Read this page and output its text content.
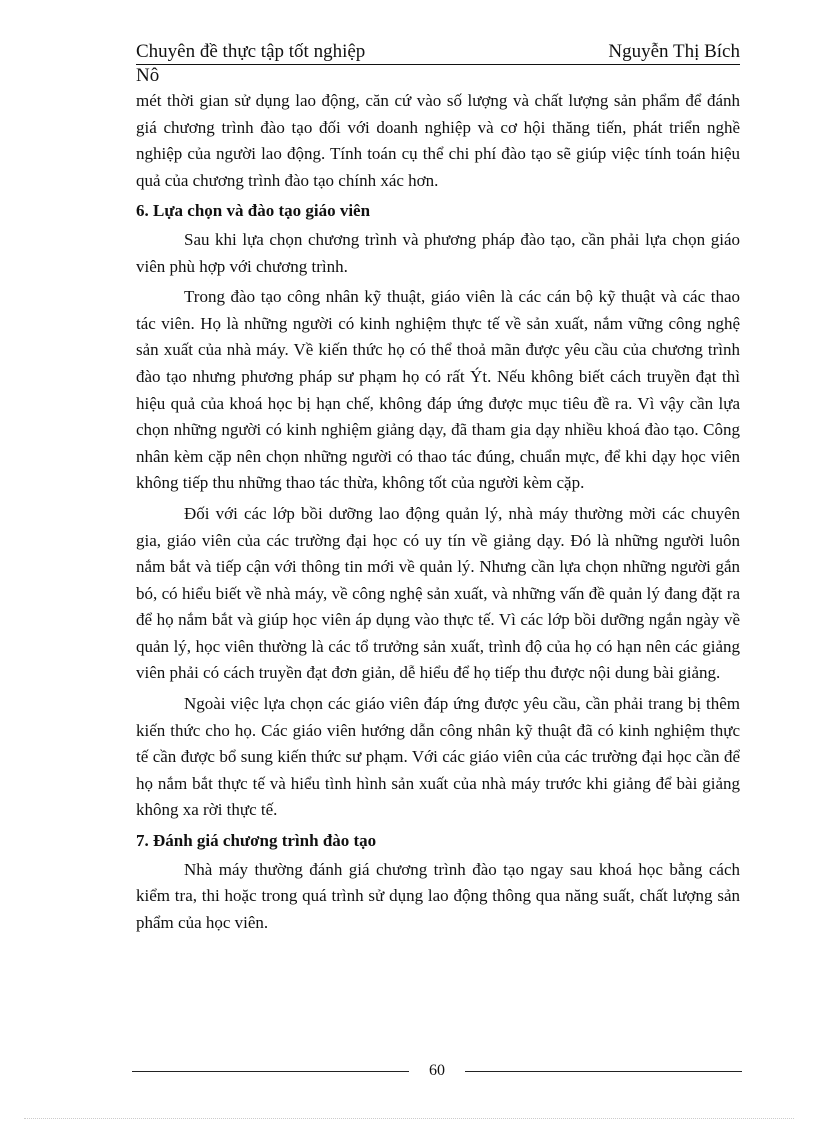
Chuyên đề thực tập tốt nghiệp	Nguyễn Thị Bích
Nô

mét thời gian sử dụng lao động, căn cứ vào số lượng và chất lượng sản phẩm để đánh giá chương trình đào tạo đối với doanh nghiệp và cơ hội thăng tiến, phát triển nghề nghiệp của người lao động. Tính toán cụ thể chi phí đào tạo sẽ giúp việc tính toán hiệu quả của chương trình đào tạo chính xác hơn.

6. Lựa chọn và đào tạo giáo viên

Sau khi lựa chọn chương trình và phương pháp đào tạo, cần phải lựa chọn giáo viên phù hợp với chương trình.

Trong đào tạo công nhân kỹ thuật, giáo viên là các cán bộ kỹ thuật và các thao tác viên. Họ là những người có kinh nghiệm thực tế về sản xuất, nắm vững công nghệ sản xuất của nhà máy. Về kiến thức họ có thể thoả mãn được yêu cầu của chương trình đào tạo nhưng phương pháp sư phạm họ có rất Ýt. Nếu không biết cách truyền đạt thì hiệu quả của khoá học bị hạn chế, không đáp ứng được mục tiêu đề ra. Vì vậy cần lựa chọn những người có kinh nghiệm giảng dạy, đã tham gia dạy nhiều khoá đào tạo. Công nhân kèm cặp nên chọn những người có thao tác đúng, chuẩn mực, để khi dạy học viên không tiếp thu những thao tác thừa, không tốt của người kèm cặp.

Đối với các lớp bồi dưỡng lao động quản lý, nhà máy thường mời các chuyên gia, giáo viên của các trường đại học có uy tín về giảng dạy. Đó là những người luôn nắm bắt và tiếp cận với thông tin mới về quản lý. Nhưng cần lựa chọn những người gắn bó, có hiểu biết về nhà máy, về công nghệ sản xuất, và những vấn đề quản lý đang đặt ra để họ nắm bắt và giúp học viên áp dụng vào thực tế. Vì các lớp bồi dưỡng ngắn ngày về quản lý, học viên thường là các tổ trưởng sản xuất, trình độ của họ có hạn nên các giảng viên phải có cách truyền đạt đơn giản, dễ hiểu để họ tiếp thu được nội dung bài giảng.

Ngoài việc lựa chọn các giáo viên đáp ứng được yêu cầu, cần phải trang bị thêm kiến thức cho họ. Các giáo viên hướng dẫn công nhân kỹ thuật đã có kinh nghiệm thực tế cần được bổ sung kiến thức sư phạm. Với các giáo viên của các trường đại học cần để họ nắm bắt thực tế và hiểu tình hình sản xuất của nhà máy trước khi giảng để bài giảng không xa rời thực tế.

7. Đánh giá chương trình đào tạo

Nhà máy thường đánh giá chương trình đào tạo ngay sau khoá học bằng cách kiểm tra, thi hoặc trong quá trình sử dụng lao động thông qua năng suất, chất lượng sản phẩm của học viên.

60
